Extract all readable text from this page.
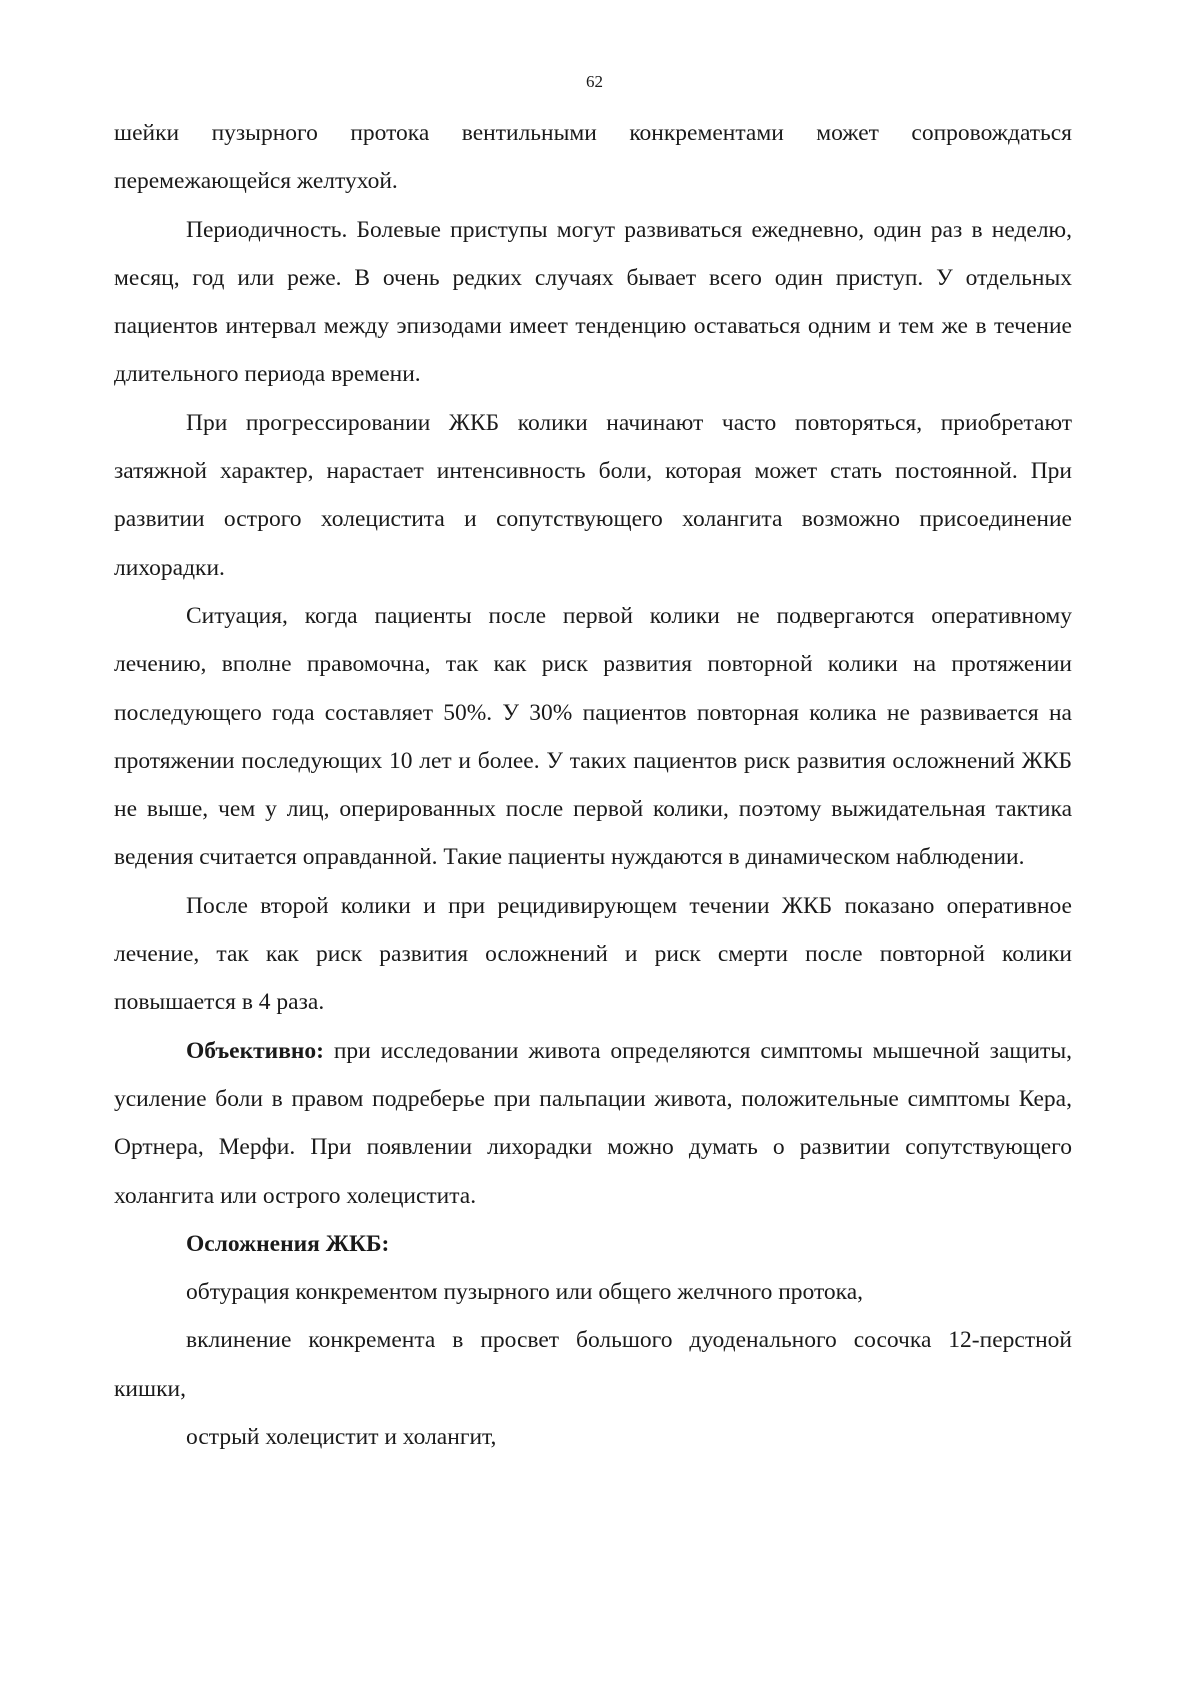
62

шейки пузырного протока вентильными конкрементами может сопровождаться перемежающейся желтухой.

Периодичность. Болевые приступы могут развиваться ежедневно, один раз в неделю, месяц, год или реже. В очень редких случаях бывает всего один приступ. У отдельных пациентов интервал между эпизодами имеет тенденцию оставаться одним и тем же в течение длительного периода времени.

При прогрессировании ЖКБ колики начинают часто повторяться, приобретают затяжной характер, нарастает интенсивность боли, которая может стать постоянной. При развитии острого холецистита и сопутствующего холангита возможно присоединение лихорадки.

Ситуация, когда пациенты после первой колики не подвергаются оперативному лечению, вполне правомочна, так как риск развития повторной колики на протяжении последующего года составляет 50%. У 30% пациентов повторная колика не развивается на протяжении последующих 10 лет и более. У таких пациентов риск развития осложнений ЖКБ не выше, чем у лиц, оперированных после первой колики, поэтому выжидательная тактика ведения считается оправданной. Такие пациенты нуждаются в динамическом наблюдении.

После второй колики и при рецидивирующем течении ЖКБ показано оперативное лечение, так как риск развития осложнений и риск смерти после повторной колики повышается в 4 раза.

Объективно: при исследовании живота определяются симптомы мышечной защиты, усиление боли в правом подреберье при пальпации живота, положительные симптомы Кера, Ортнера, Мерфи. При появлении лихорадки можно думать о развитии сопутствующего холангита или острого холецистита.

Осложнения ЖКБ:

обтурация конкрементом пузырного или общего желчного протока,

вклинение конкремента в просвет большого дуоденального сосочка 12-перстной кишки,

острый холецистит и холангит,
